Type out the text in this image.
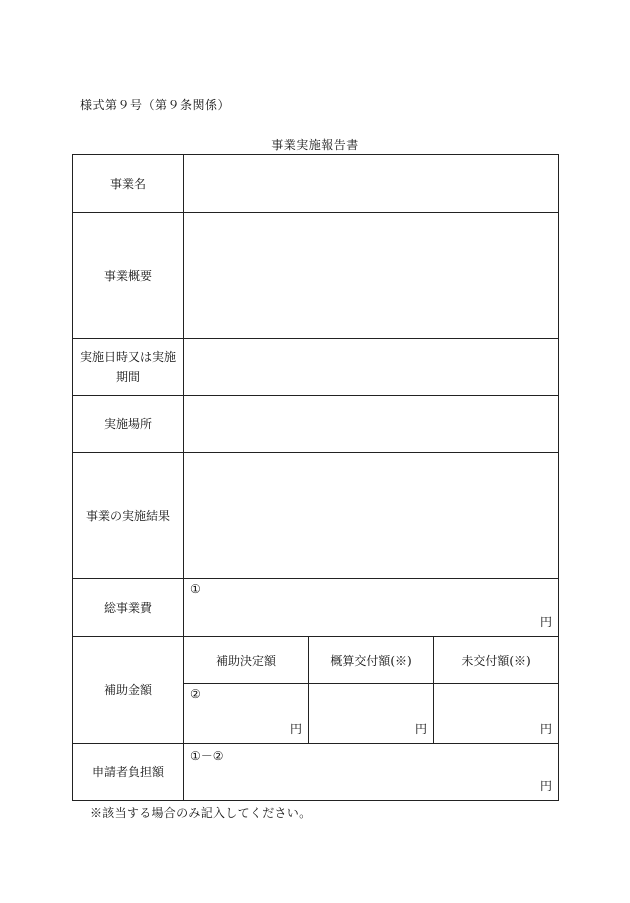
様式第９号（第９条関係）
事業実施報告書
事業名			
事業概要			
実施日時又は実施期間			
実施場所			
事業の実施結果			
総事業費	①
円		

補助金額	補助決定額	概算交付額(※)	未交付額(※)

	②
円	円	円

申請者負担額	①－②
円		
※該当する場合のみ記入してください。
